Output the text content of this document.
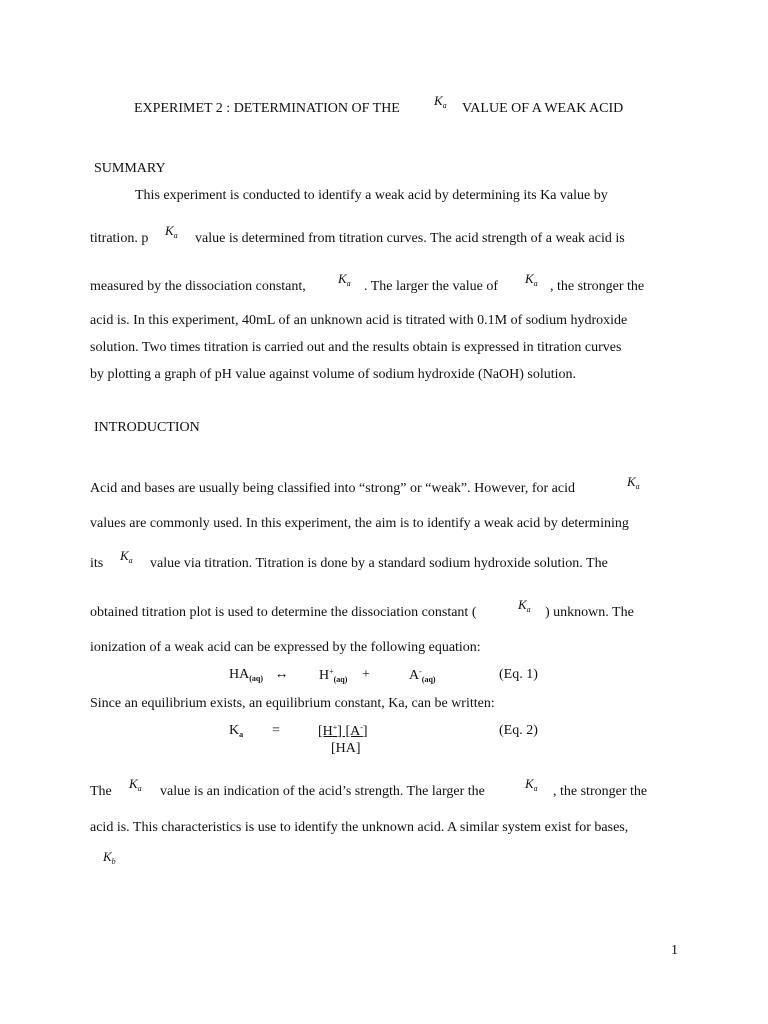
EXPERIMET 2 : DETERMINATION OF THE
$K_a$ VALUE OF A WEAK ACID
SUMMARY
This experiment is conducted to identify a weak acid by determining its Ka value by
titration. p
$K_a$ value is determined from titration curves. The acid strength of a weak acid is
measured by the dissociation constant,
$K_a$ . The larger the value of
$K_a$ , the stronger the
acid is. In this experiment, 40mL of an unknown acid is titrated with 0.1M of sodium hydroxide
solution. Two times titration is carried out and the results obtain is expressed in titration curves
by plotting a graph of pH value against volume of sodium hydroxide (NaOH) solution.
INTRODUCTION
Acid and bases are usually being classified into “strong” or “weak”. However, for acid	$K_a$
values are commonly used. In this experiment, the aim is to identify a weak acid by determining
its
$K_a$ value via titration. Titration is done by a standard sodium hydroxide solution. The
obtained titration plot is used to determine the dissociation constant (
$K_a$ ) unknown. The
ionization of a weak acid can be expressed by the following equation:
$HA_{(aq)}$ ↔ $H^+_{(aq)}$ +	$A^-_{(aq)}$	(Eq. 1)
Since an equilibrium exists, an equilibrium constant, Ka, can be written:
$K_a$ =	[H+] [A-]
[HA]
(Eq. 2)
The
$K_a$ value is an indication of the acid’s strength. The larger the
$K_a$ , the stronger the
acid is. This characteristics is use to identify the unknown acid. A similar system exist for bases,
$K_b$
1
